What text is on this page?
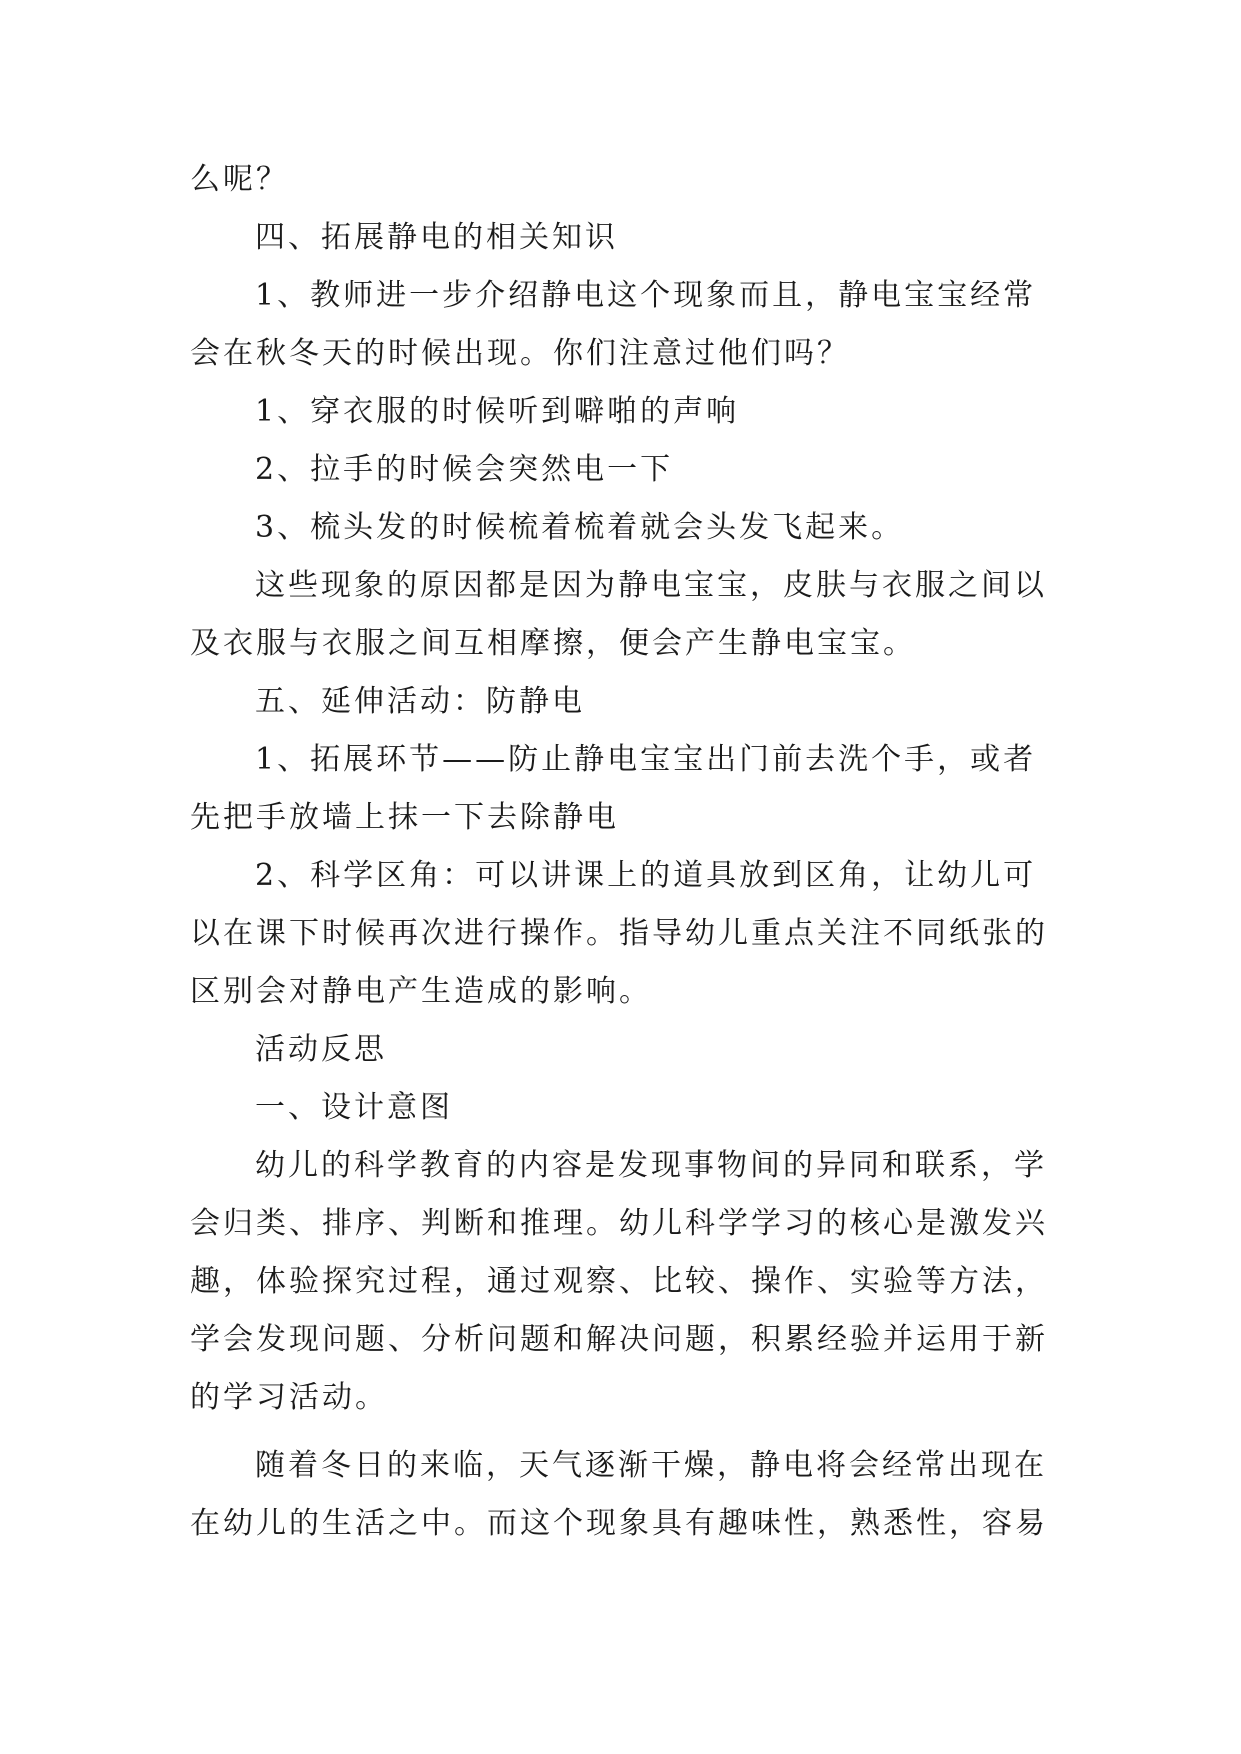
么呢？
四、拓展静电的相关知识
1、教师进一步介绍静电这个现象而且，静电宝宝经常
会在秋冬天的时候出现。你们注意过他们吗？
1、穿衣服的时候听到噼啪的声响
2、拉手的时候会突然电一下
3、梳头发的时候梳着梳着就会头发飞起来。
这些现象的原因都是因为静电宝宝，皮肤与衣服之间以
及衣服与衣服之间互相摩擦，便会产生静电宝宝。
五、延伸活动：防静电
1、拓展环节——防止静电宝宝出门前去洗个手，或者
先把手放墙上抹一下去除静电
2、科学区角：可以讲课上的道具放到区角，让幼儿可
以在课下时候再次进行操作。指导幼儿重点关注不同纸张的
区别会对静电产生造成的影响。
活动反思
一、设计意图
幼儿的科学教育的内容是发现事物间的异同和联系，学
会归类、排序、判断和推理。幼儿科学学习的核心是激发兴
趣，体验探究过程，通过观察、比较、操作、实验等方法，
学会发现问题、分析问题和解决问题，积累经验并运用于新
的学习活动。
随着冬日的来临，天气逐渐干燥，静电将会经常出现在
在幼儿的生活之中。而这个现象具有趣味性，熟悉性，容易
